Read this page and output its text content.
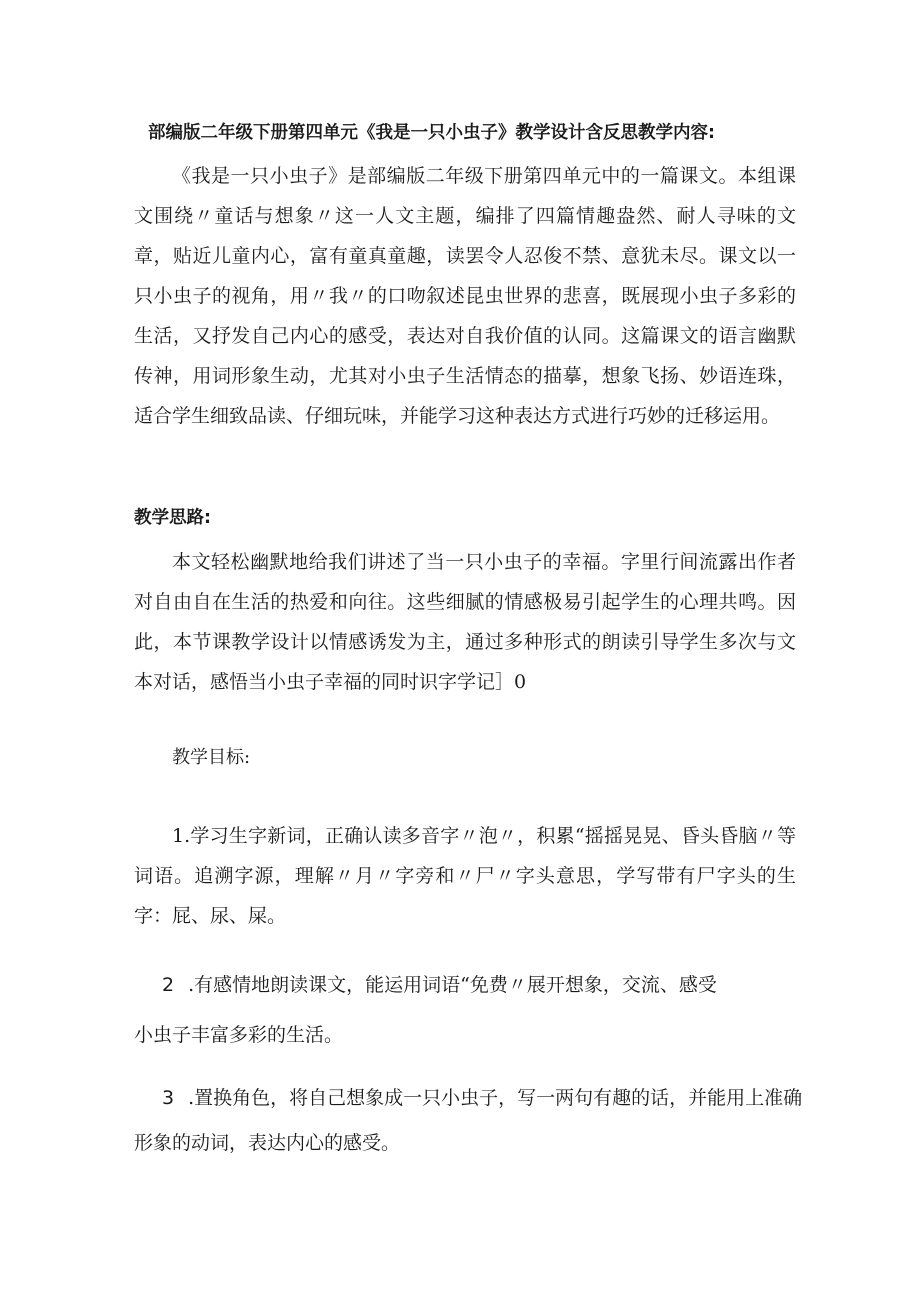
部编版二年级下册第四单元《我是一只小虫子》教学设计含反思教学内容:

《我是一只小虫子》是部编版二年级下册第四单元中的一篇课文。本组课文围绕〃童话与想象〃这一人文主题，编排了四篇情趣盎然、耐人寻味的文章，贴近儿童内心，富有童真童趣，读罢令人忍俊不禁、意犹未尽。课文以一只小虫子的视角，用〃我〃的口吻叙述昆虫世界的悲喜，既展现小虫子多彩的生活，又抒发自己内心的感受，表达对自我价值的认同。这篇课文的语言幽默传神，用词形象生动，尤其对小虫子生活情态的描摹，想象飞扬、妙语连珠，适合学生细致品读、仔细玩味，并能学习这种表达方式进行巧妙的迁移运用。

教学思路:

本文轻松幽默地给我们讲述了当一只小虫子的幸福。字里行间流露出作者对自由自在生活的热爱和向往。这些细腻的情感极易引起学生的心理共鸣。因此，本节课教学设计以情感诱发为主，通过多种形式的朗读引导学生多次与文本对话，感悟当小虫子幸福的同时识字学记］0

教学目标:

1.学习生字新词，正确认读多音字〃泡〃，积累“摇摇晃晃、昏头昏脑〃等词语。追溯字源，理解〃月〃字旁和〃尸〃字头意思，学写带有尸字头的生字：屁、尿、屎。

2 .有感情地朗读课文，能运用词语“免费〃展开想象，交流、感受

小虫子丰富多彩的生活。

3 .置换角色，将自己想象成一只小虫子，写一两句有趣的话，并能用上准确

形象的动词，表达内心的感受。
